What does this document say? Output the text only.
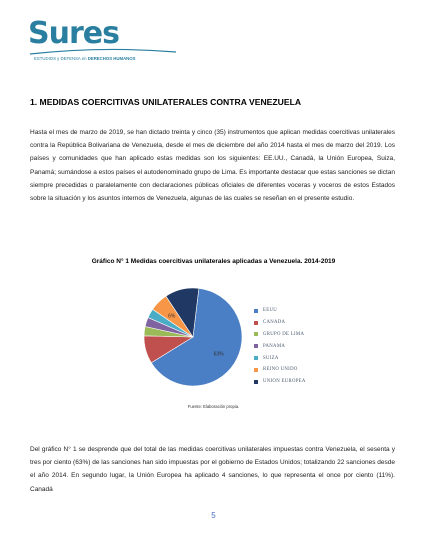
Sures
ESTUDIOS y DEFENSA en DERECHOS HUMANOS
1. MEDIDAS COERCITIVAS UNILATERALES CONTRA VENEZUELA

Hasta el mes de marzo de 2019, se han dictado treinta y cinco (35) instrumentos que aplican medidas coercitivas unilaterales contra la República Bolivariana de Venezuela, desde el mes de diciembre del año 2014 hasta el mes de marzo del 2019. Los países y comunidades que han aplicado estas medidas son los siguientes: EE.UU., Canadá, la Unión Europea, Suiza, Panamá; sumándose a estos países el autodenominado grupo de Lima. Es importante destacar que estas sanciones se dictan siempre precedidas o paralelamente con declaraciones públicas oficiales de diferentes voceras y voceros de estos Estados sobre la situación y los asuntos internos de Venezuela, algunas de las cuales se reseñan en el presente estudio.

Gráfico N° 1 Medidas coercitivas unilaterales aplicadas a Venezuela. 2014-2019
63%
6%
EEUU
CANADA
GRUPO DE LIMA
PANAMA
SUIZA
REINO UNIDO
UNION EUROPEA
Fuente: Elaboración propia.

Del gráfico N° 1 se desprende que del total de las medidas coercitivas unilaterales impuestas contra Venezuela, el sesenta y tres por ciento (63%) de las sanciones han sido impuestas por el gobierno de Estados Unidos; totalizando 22 sanciones desde el año 2014. En segundo lugar, la Unión Europea ha aplicado 4 sanciones, lo que representa el once por ciento (11%). Canadá

5
